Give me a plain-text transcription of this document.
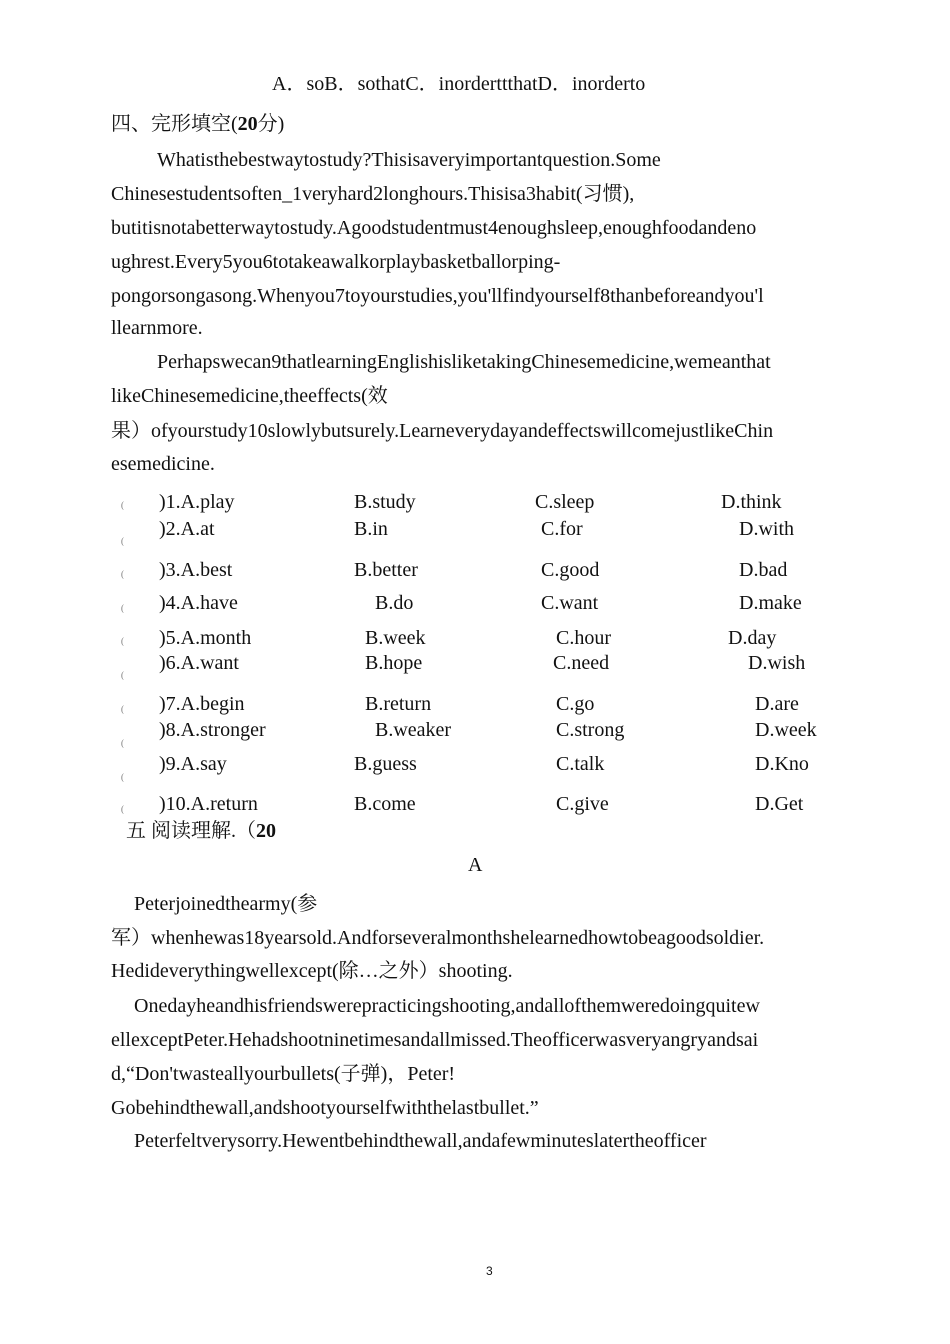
A．soB．sothatC．inorderttthatD．inorderto
四、完形填空(20分)
Whatisthebestwaytostudy?Thisisaveryimportantquestion.Some
Chinesestudentsoften_1veryhard2longhours.Thisisa3habit(习惯),
butitisnotabetterwaytostudy.Agoodstudentmust4enoughsleep,enoughfoodandeno
ughrest.Every5you6totakeawalkorplaybasketballorping-
pongorsongasong.Whenyou7toyourstudies,you'llfindyourself8thanbeforeandyou'l
llearnmore.
Perhapswecan9thatlearningEnglishisliketakingChinesemedicine,wemeanthat
likeChinesemedicine,theeffects(效
果）ofyourstudy10slowlybutsurely.LearneverydayandeffectswillcomejustlikeChin
esemedicine.
( )1.A.play	B.study	C.sleep	D.think
(
)2.A.at	B.in	C.for	D.with
( )3.A.best	B.better	C.good	D.bad
( )4.A.have	B.do	C.want	D.make
( )5.A.month	B.week	C.hour	D.day
(
)6.A.want	B.hope	C.need	D.wish
( )7.A.begin	B.return	C.go	D.are
(
)8.A.stronger	B.weaker	C.strong	D.week
(
)9.A.say	B.guess	C.talk	D.Kno
( )10.A.return	B.come	C.give	D.Get
五 阅读理解.（20
A
Peterjoinedthearmy(参
军）whenhewas18yearsold.Andforseveralmonthshelearnedhowtobeagoodsoldier.
Hedideverythingwellexcept(除…之外）shooting.
Onedayheandhisfriendswerepracticingshooting,andallofthemweredoingquitew
ellexceptPeter.Hehadshootninetimesandallmissed.Theofficerwasveryangryandsai
d,“Don'twasteallyourbullets(子弹)，Peter!
Gobehindthewall,andshootyourselfwiththelastbullet.”
Peterfeltverysorry.Hewentbehindthewall,andafewminuteslatertheofficer
3
